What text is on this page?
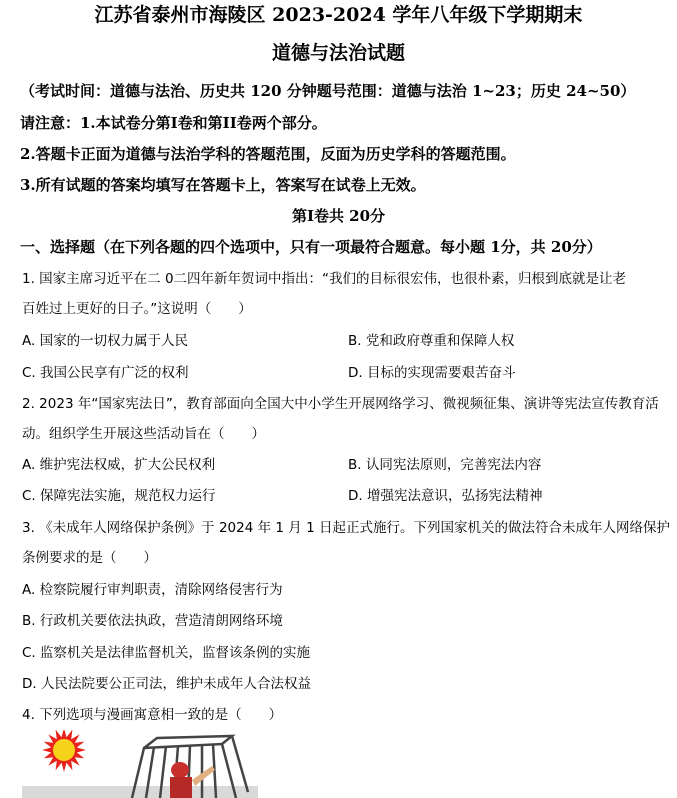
江苏省泰州市海陵区 2023-2024 学年八年级下学期期末
道德与法治试题
（考试时间：道德与法治、历史共 120 分钟题号范围：道德与法治 1~23；历史 24~50）
请注意：1.本试卷分第I卷和第II卷两个部分。
2.答题卡正面为道德与法治学科的答题范围，反面为历史学科的答题范围。
3.所有试题的答案均填写在答题卡上，答案写在试卷上无效。
第I卷共 20分
一、选择题（在下列各题的四个选项中，只有一项最符合题意。每小题 1分，共 20分）
1. 国家主席习近平在二 0二四年新年贺词中指出：“我们的目标很宏伟，也很朴素，归根到底就是让老
百姓过上更好的日子。”这说明（　　）
A. 国家的一切权力属于人民	B. 党和政府尊重和保障人权
C. 我国公民享有广泛的权利	D. 目标的实现需要艰苦奋斗
2. 2023 年“国家宪法日”，教育部面向全国大中小学生开展网络学习、微视频征集、演讲等宪法宣传教育活
动。组织学生开展这些活动旨在（　　）
A. 维护宪法权威，扩大公民权利	B. 认同宪法原则，完善宪法内容
C. 保障宪法实施，规范权力运行	D. 增强宪法意识，弘扬宪法精神
3. 《未成年人网络保护条例》于 2024 年 1 月 1 日起正式施行。下列国家机关的做法符合未成年人网络保护
条例要求的是（　　）
A. 检察院履行审判职责，清除网络侵害行为
B. 行政机关要依法执政，营造清朗网络环境
C. 监察机关是法律监督机关，监督该条例的实施
D. 人民法院要公正司法，维护未成年人合法权益
4. 下列选项与漫画寓意相一致的是（　　）
